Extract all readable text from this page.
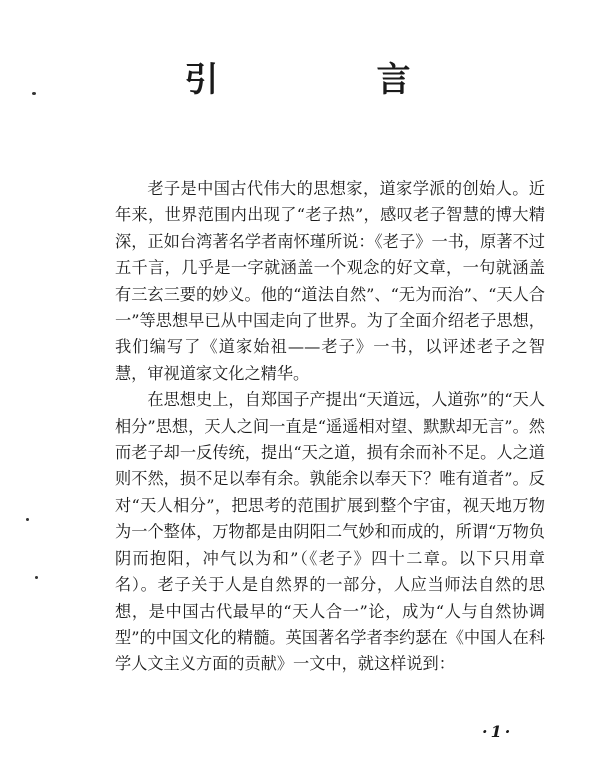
引　言

老子是中国古代伟大的思想家，道家学派的创始人。近年来，世界范围内出现了“老子热”，感叹老子智慧的博大精深，正如台湾著名学者南怀瑾所说：《老子》一书，原著不过五千言，几乎是一字就涵盖一个观念的好文章，一句就涵盖有三玄三要的妙义。他的“道法自然”、“无为而治”、“天人合一”等思想早已从中国走向了世界。为了全面介绍老子思想，我们编写了《道家始祖——老子》一书，以评述老子之智慧，审视道家文化之精华。

在思想史上，自郑国子产提出“天道远，人道弥”的“天人相分”思想，天人之间一直是“遥遥相对望、默默却无言”。然而老子却一反传统，提出“天之道，损有余而补不足。人之道则不然，损不足以奉有余。孰能余以奉天下？唯有道者”。反对“天人相分”，把思考的范围扩展到整个宇宙，视天地万物为一个整体，万物都是由阴阳二气妙和而成的，所谓“万物负阴而抱阳，冲气以为和”（《老子》四十二章。以下只用章名）。老子关于人是自然界的一部分，人应当师法自然的思想，是中国古代最早的“天人合一”论，成为“人与自然协调型”的中国文化的精髓。英国著名学者李约瑟在《中国人在科学人文主义方面的贡献》一文中，就这样说到：

·1·
